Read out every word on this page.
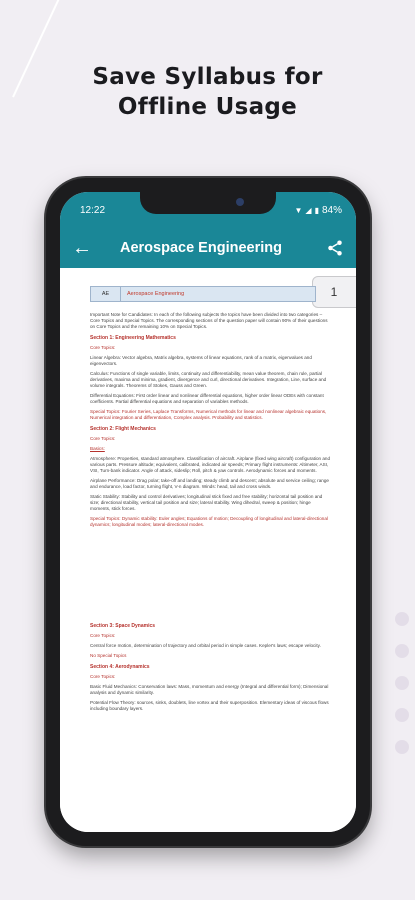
Save Syllabus for
Offline Usage
12:22	▼ ◢ ▮ 84%
←	Aerospace Engineering
1
AE	Aerospace Engineering
Important Note for Candidates: In each of the following subjects the topics have been divided into two categories – Core Topics and Special Topics. The corresponding sections of the question paper will contain 90% of their questions on Core Topics and the remaining 10% on Special Topics.
Section 1: Engineering Mathematics
Core Topics:
Linear Algebra: Vector algebra, Matrix algebra, systems of linear equations, rank of a matrix, eigenvalues and eigenvectors.
Calculus: Functions of single variable, limits, continuity and differentiability, mean value theorem, chain rule, partial derivatives, maxima and minima, gradient, divergence and curl, directional derivatives. Integration, Line, surface and volume integrals. Theorems of Stokes, Gauss and Green.
Differential Equations: First order linear and nonlinear differential equations, higher order linear ODEs with constant coefficients. Partial differential equations and separation of variables methods.
Special Topics: Fourier Series, Laplace Transforms, Numerical methods for linear and nonlinear algebraic equations, Numerical integration and differentiation, Complex analysis. Probability and statistics.
Section 2: Flight Mechanics
Core Topics:
Basics:
Atmosphere: Properties, standard atmosphere. Classification of aircraft. Airplane (fixed wing aircraft) configuration and various parts. Pressure altitude; equivalent, calibrated, indicated air speeds; Primary flight instruments: Altimeter, ASI, VSI, Turn-bank indicator. Angle of attack, sideslip; Roll, pitch & yaw controls. Aerodynamic forces and moments.
Airplane Performance: Drag polar; take-off and landing; steady climb and descent; absolute and service ceiling; range and endurance, load factor, turning flight, V-n diagram. Winds: head, tail and cross winds.
Static Stability: Stability and control derivatives; longitudinal stick fixed and free stability; horizontal tail position and size; directional stability, vertical tail position and size; lateral stability. Wing dihedral, sweep & position; hinge moments, stick forces.
Special Topics: Dynamic stability: Euler angles; Equations of motion; Decoupling of longitudinal and lateral-directional dynamics; longitudinal modes; lateral-directional modes.
Section 3: Space Dynamics
Core Topics:
Central force motion, determination of trajectory and orbital period in simple cases. Kepler's laws; escape velocity.
No Special Topics
Section 4: Aerodynamics
Core Topics:
Basic Fluid Mechanics: Conservation laws: Mass, momentum and energy (Integral and differential form); Dimensional analysis and dynamic similarity.
Potential Flow Theory: sources, sinks, doublets, line vortex and their superposition. Elementary ideas of viscous flows including boundary layers.
